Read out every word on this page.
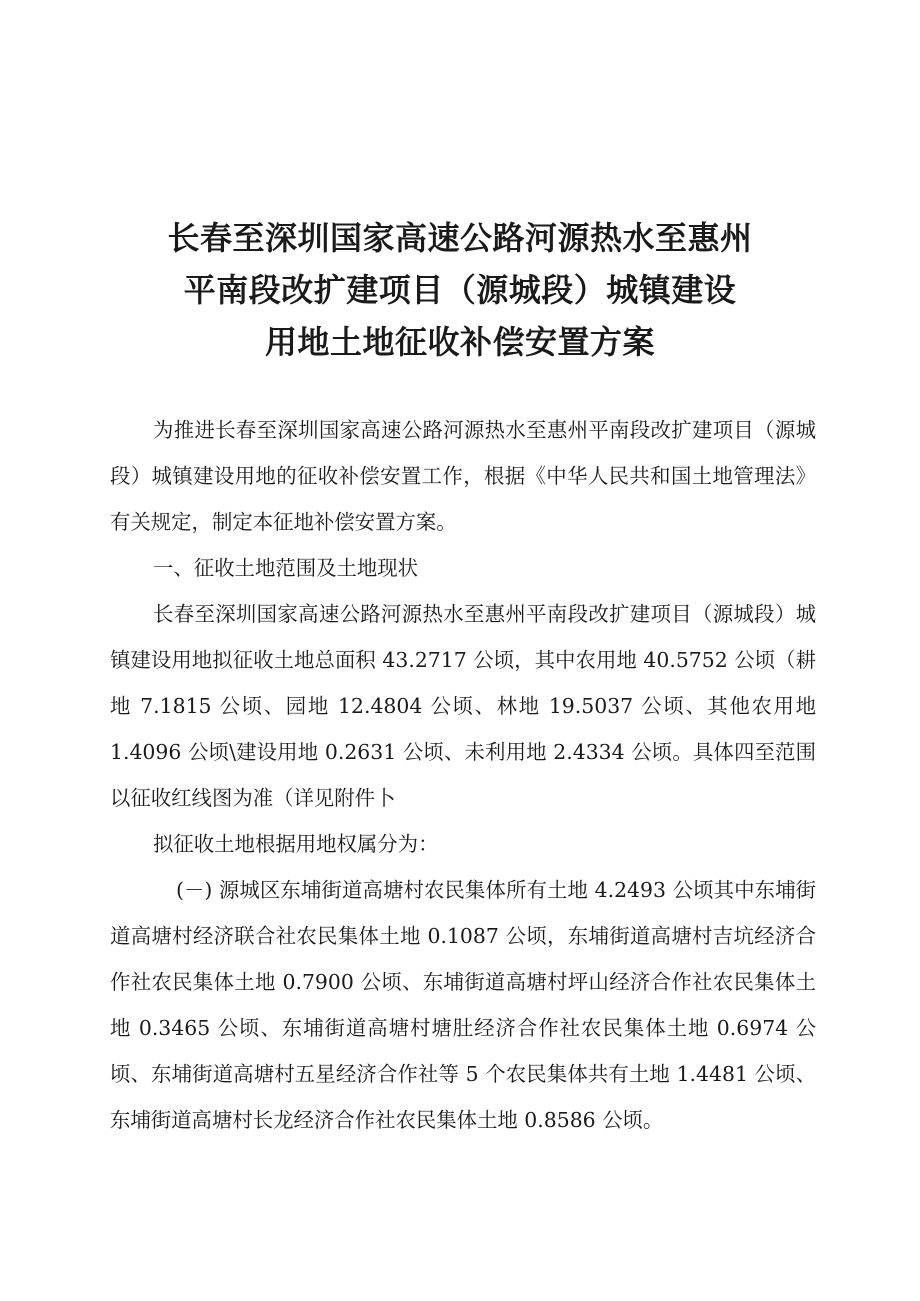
长春至深圳国家高速公路河源热水至惠州
平南段改扩建项目（源城段）城镇建设
用地土地征收补偿安置方案
为推进长春至深圳国家高速公路河源热水至惠州平南段改扩建项目（源城段）城镇建设用地的征收补偿安置工作，根据《中华人民共和国土地管理法》有关规定，制定本征地补偿安置方案。
一、征收土地范围及土地现状
长春至深圳国家高速公路河源热水至惠州平南段改扩建项目（源城段）城镇建设用地拟征收土地总面积 43.2717 公顷，其中农用地 40.5752 公顷（耕地 7.1815 公顷、园地 12.4804 公顷、林地 19.5037 公顷、其他农用地 1.4096 公顷\建设用地 0.2631 公顷、未利用地 2.4334 公顷。具体四至范围以征收红线图为准（详见附件卜
拟征收土地根据用地权属分为：
(－) 源城区东埔街道高塘村农民集体所有土地 4.2493 公顷其中东埔街道高塘村经济联合社农民集体土地 0.1087 公顷，东埔街道高塘村吉坑经济合作社农民集体土地 0.7900 公顷、东埔街道高塘村坪山经济合作社农民集体土地 0.3465 公顷、东埔街道高塘村塘肚经济合作社农民集体土地 0.6974 公顷、东埔街道高塘村五星经济合作社等 5 个农民集体共有土地 1.4481 公顷、东埔街道高塘村长龙经济合作社农民集体土地 0.8586 公顷。
